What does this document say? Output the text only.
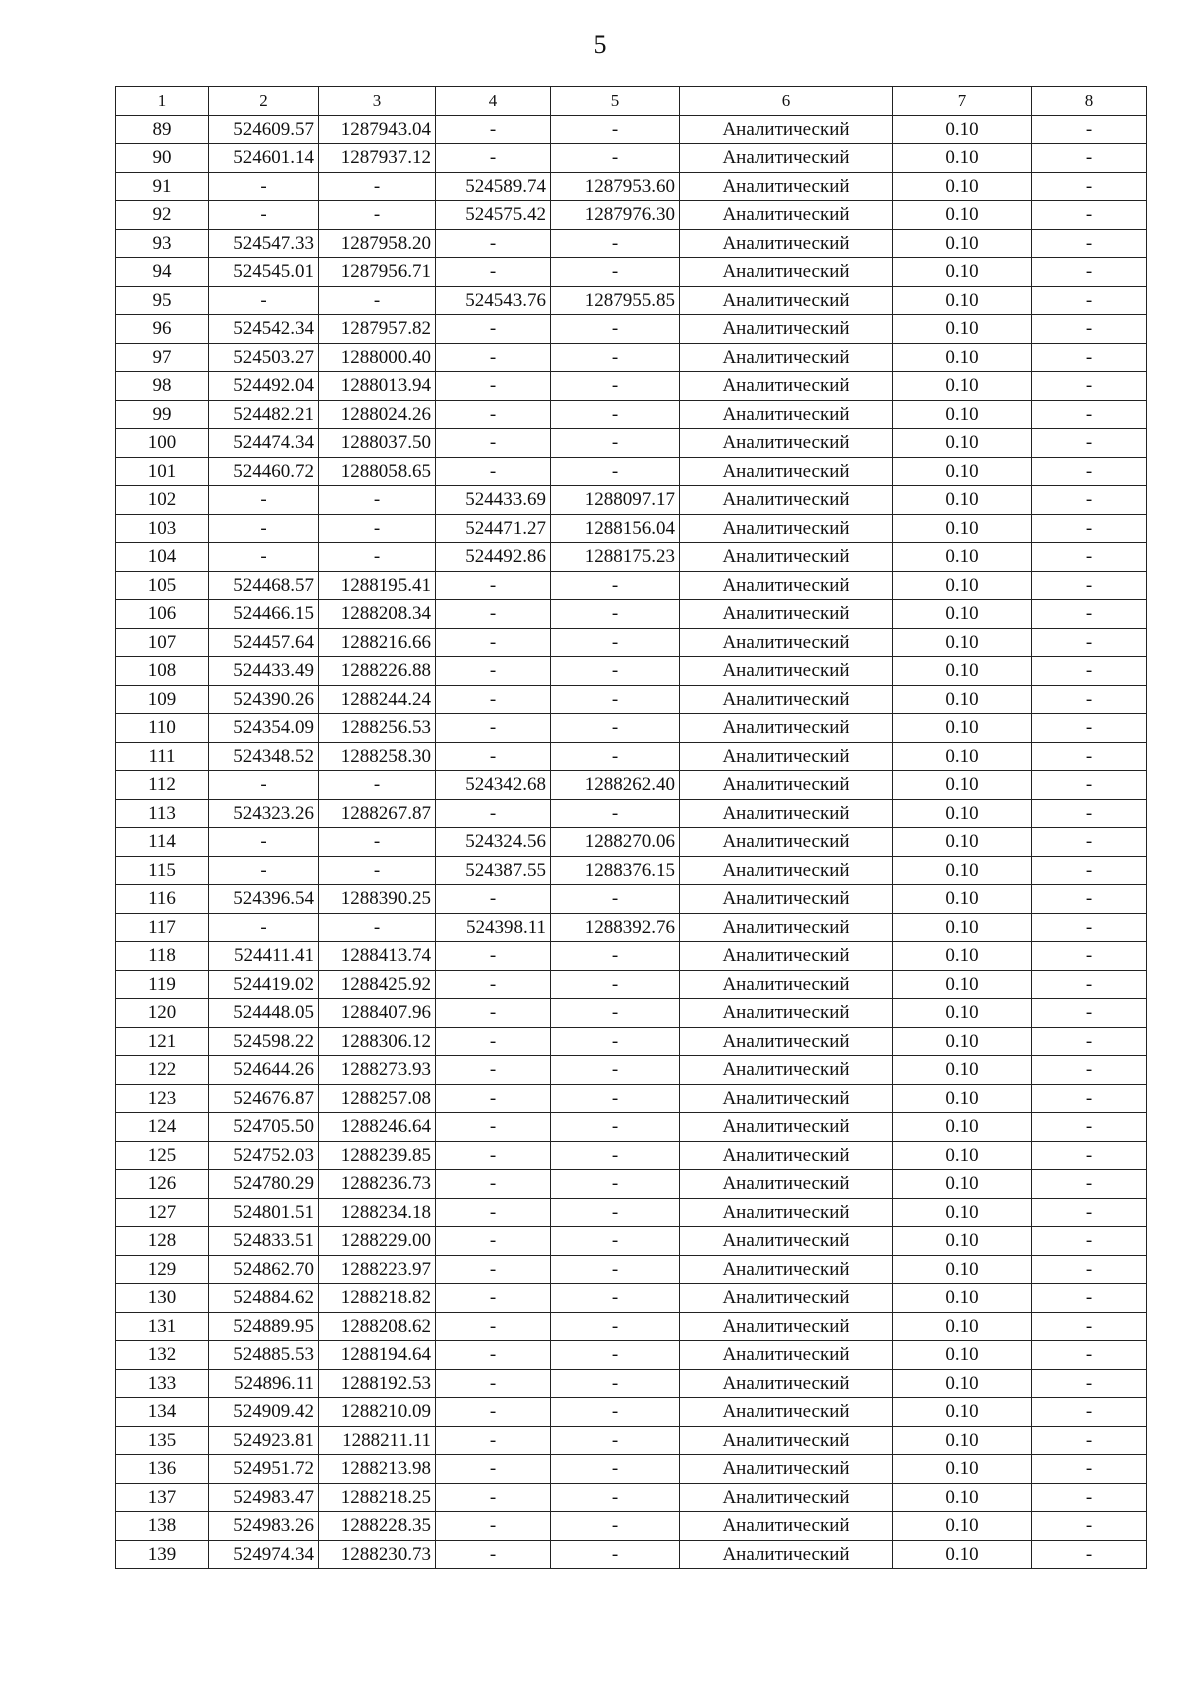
5
1	2	3	4	5	6	7	8
89	524609.57	1287943.04	-	-	Аналитический	0.10	-
90	524601.14	1287937.12	-	-	Аналитический	0.10	-
91	-	-	524589.74	1287953.60	Аналитический	0.10	-
92	-	-	524575.42	1287976.30	Аналитический	0.10	-
93	524547.33	1287958.20	-	-	Аналитический	0.10	-
94	524545.01	1287956.71	-	-	Аналитический	0.10	-
95	-	-	524543.76	1287955.85	Аналитический	0.10	-
96	524542.34	1287957.82	-	-	Аналитический	0.10	-
97	524503.27	1288000.40	-	-	Аналитический	0.10	-
98	524492.04	1288013.94	-	-	Аналитический	0.10	-
99	524482.21	1288024.26	-	-	Аналитический	0.10	-
100	524474.34	1288037.50	-	-	Аналитический	0.10	-
101	524460.72	1288058.65	-	-	Аналитический	0.10	-
102	-	-	524433.69	1288097.17	Аналитический	0.10	-
103	-	-	524471.27	1288156.04	Аналитический	0.10	-
104	-	-	524492.86	1288175.23	Аналитический	0.10	-
105	524468.57	1288195.41	-	-	Аналитический	0.10	-
106	524466.15	1288208.34	-	-	Аналитический	0.10	-
107	524457.64	1288216.66	-	-	Аналитический	0.10	-
108	524433.49	1288226.88	-	-	Аналитический	0.10	-
109	524390.26	1288244.24	-	-	Аналитический	0.10	-
110	524354.09	1288256.53	-	-	Аналитический	0.10	-
111	524348.52	1288258.30	-	-	Аналитический	0.10	-
112	-	-	524342.68	1288262.40	Аналитический	0.10	-
113	524323.26	1288267.87	-	-	Аналитический	0.10	-
114	-	-	524324.56	1288270.06	Аналитический	0.10	-
115	-	-	524387.55	1288376.15	Аналитический	0.10	-
116	524396.54	1288390.25	-	-	Аналитический	0.10	-
117	-	-	524398.11	1288392.76	Аналитический	0.10	-
118	524411.41	1288413.74	-	-	Аналитический	0.10	-
119	524419.02	1288425.92	-	-	Аналитический	0.10	-
120	524448.05	1288407.96	-	-	Аналитический	0.10	-
121	524598.22	1288306.12	-	-	Аналитический	0.10	-
122	524644.26	1288273.93	-	-	Аналитический	0.10	-
123	524676.87	1288257.08	-	-	Аналитический	0.10	-
124	524705.50	1288246.64	-	-	Аналитический	0.10	-
125	524752.03	1288239.85	-	-	Аналитический	0.10	-
126	524780.29	1288236.73	-	-	Аналитический	0.10	-
127	524801.51	1288234.18	-	-	Аналитический	0.10	-
128	524833.51	1288229.00	-	-	Аналитический	0.10	-
129	524862.70	1288223.97	-	-	Аналитический	0.10	-
130	524884.62	1288218.82	-	-	Аналитический	0.10	-
131	524889.95	1288208.62	-	-	Аналитический	0.10	-
132	524885.53	1288194.64	-	-	Аналитический	0.10	-
133	524896.11	1288192.53	-	-	Аналитический	0.10	-
134	524909.42	1288210.09	-	-	Аналитический	0.10	-
135	524923.81	1288211.11	-	-	Аналитический	0.10	-
136	524951.72	1288213.98	-	-	Аналитический	0.10	-
137	524983.47	1288218.25	-	-	Аналитический	0.10	-
138	524983.26	1288228.35	-	-	Аналитический	0.10	-
139	524974.34	1288230.73	-	-	Аналитический	0.10	-
